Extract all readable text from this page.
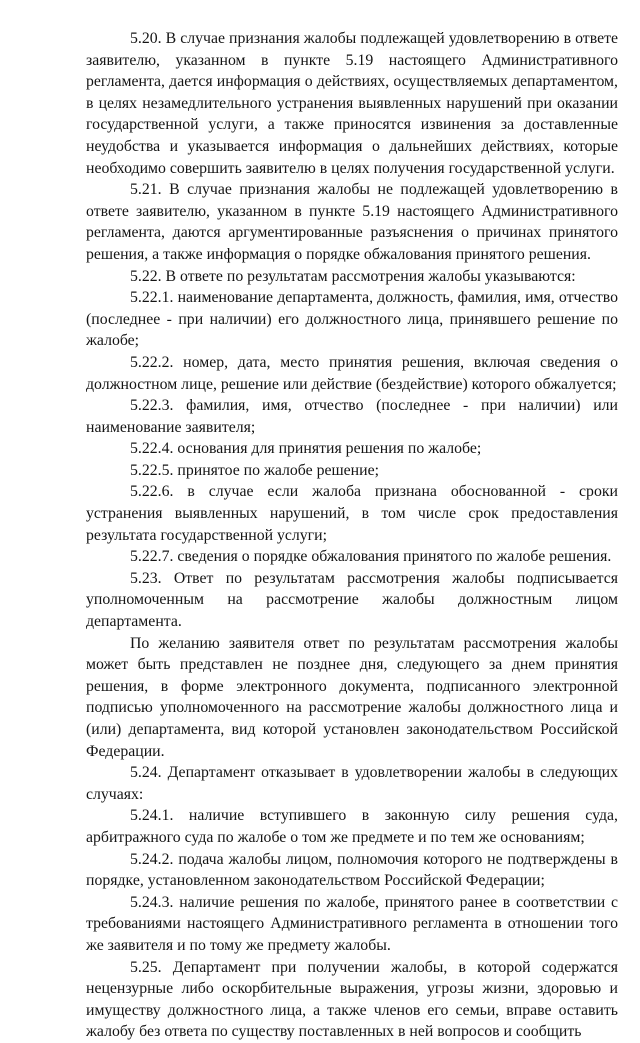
5.20. В случае признания жалобы подлежащей удовлетворению в ответе заявителю, указанном в пункте 5.19 настоящего Административного регламента, дается информация о действиях, осуществляемых департаментом, в целях незамедлительного устранения выявленных нарушений при оказании государственной услуги, а также приносятся извинения за доставленные неудобства и указывается информация о дальнейших действиях, которые необходимо совершить заявителю в целях получения государственной услуги.

5.21. В случае признания жалобы не подлежащей удовлетворению в ответе заявителю, указанном в пункте 5.19 настоящего Административного регламента, даются аргументированные разъяснения о причинах принятого решения, а также информация о порядке обжалования принятого решения.

5.22. В ответе по результатам рассмотрения жалобы указываются:

5.22.1. наименование департамента, должность, фамилия, имя, отчество (последнее - при наличии) его должностного лица, принявшего решение по жалобе;

5.22.2. номер, дата, место принятия решения, включая сведения о должностном лице, решение или действие (бездействие) которого обжалуется;

5.22.3. фамилия, имя, отчество (последнее - при наличии) или наименование заявителя;

5.22.4. основания для принятия решения по жалобе;

5.22.5. принятое по жалобе решение;

5.22.6. в случае если жалоба признана обоснованной - сроки устранения выявленных нарушений, в том числе срок предоставления результата государственной услуги;

5.22.7. сведения о порядке обжалования принятого по жалобе решения.

5.23. Ответ по результатам рассмотрения жалобы подписывается уполномоченным на рассмотрение жалобы должностным лицом департамента.

По желанию заявителя ответ по результатам рассмотрения жалобы может быть представлен не позднее дня, следующего за днем принятия решения, в форме электронного документа, подписанного электронной подписью уполномоченного на рассмотрение жалобы должностного лица и (или) департамента, вид которой установлен законодательством Российской Федерации.

5.24. Департамент отказывает в удовлетворении жалобы в следующих случаях:

5.24.1. наличие вступившего в законную силу решения суда, арбитражного суда по жалобе о том же предмете и по тем же основаниям;

5.24.2. подача жалобы лицом, полномочия которого не подтверждены в порядке, установленном законодательством Российской Федерации;

5.24.3. наличие решения по жалобе, принятого ранее в соответствии с требованиями настоящего Административного регламента в отношении того же заявителя и по тому же предмету жалобы.

5.25. Департамент при получении жалобы, в которой содержатся нецензурные либо оскорбительные выражения, угрозы жизни, здоровью и имуществу должностного лица, а также членов его семьи, вправе оставить жалобу без ответа по существу поставленных в ней вопросов и сообщить
